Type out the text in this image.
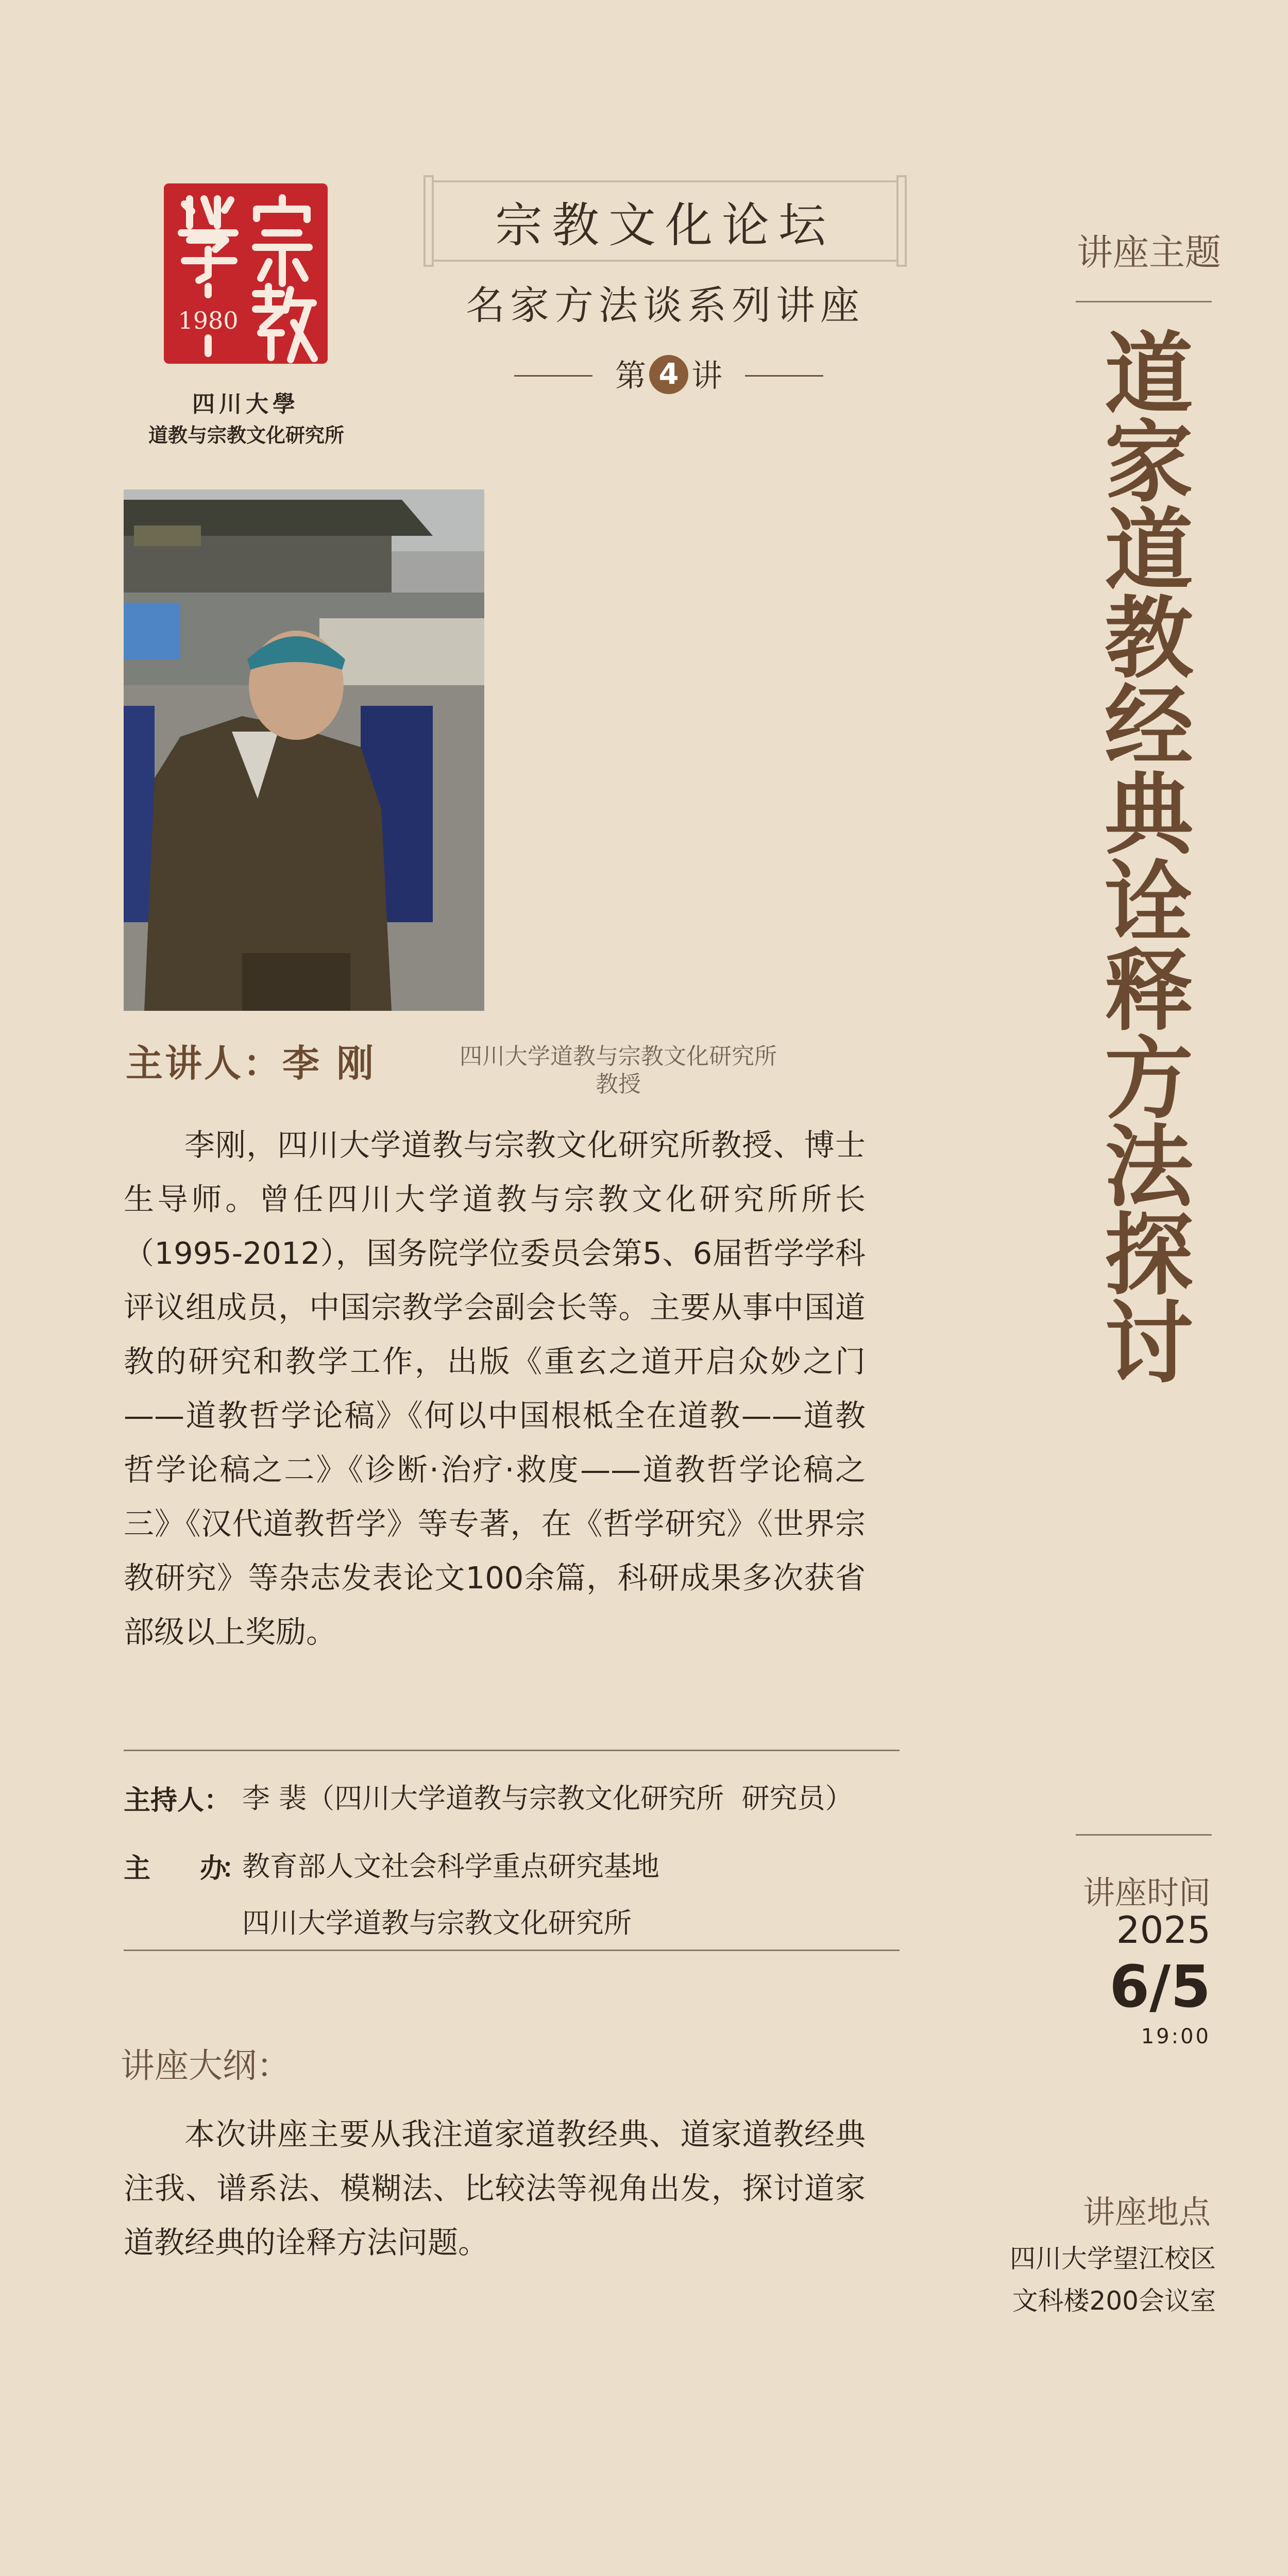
1980
四川大學
道教与宗教文化研究所
宗教文化论坛
名家方法谈系列讲座
第 4 讲
讲座主题
道家道教经典诠释方法探讨
主讲人：李 刚	四川大学道教与宗教文化研究所
教授
李刚，四川大学道教与宗教文化研究所教授、博士生导师。曾任四川大学道教与宗教文化研究所所长（1995-2012），国务院学位委员会第5、6届哲学学科评议组成员，中国宗教学会副会长等。主要从事中国道教的研究和教学工作，出版《重玄之道开启众妙之门——道教哲学论稿》《何以中国根柢全在道教——道教哲学论稿之二》《诊断·治疗·救度——道教哲学论稿之三》《汉代道教哲学》等专著，在《哲学研究》《世界宗教研究》等杂志发表论文100余篇，科研成果多次获省部级以上奖励。
主持人： 李 裴（四川大学道教与宗教文化研究所  研究员）
主 办
：
教育部人文社会科学重点研究基地
四川大学道教与宗教文化研究所
讲座大纲：
本次讲座主要从我注道家道教经典、道家道教经典注我、谱系法、模糊法、比较法等视角出发，探讨道家道教经典的诠释方法问题。
讲座时间
2025
6/5
19:00
讲座地点
四川大学望江校区
文科楼200会议室
